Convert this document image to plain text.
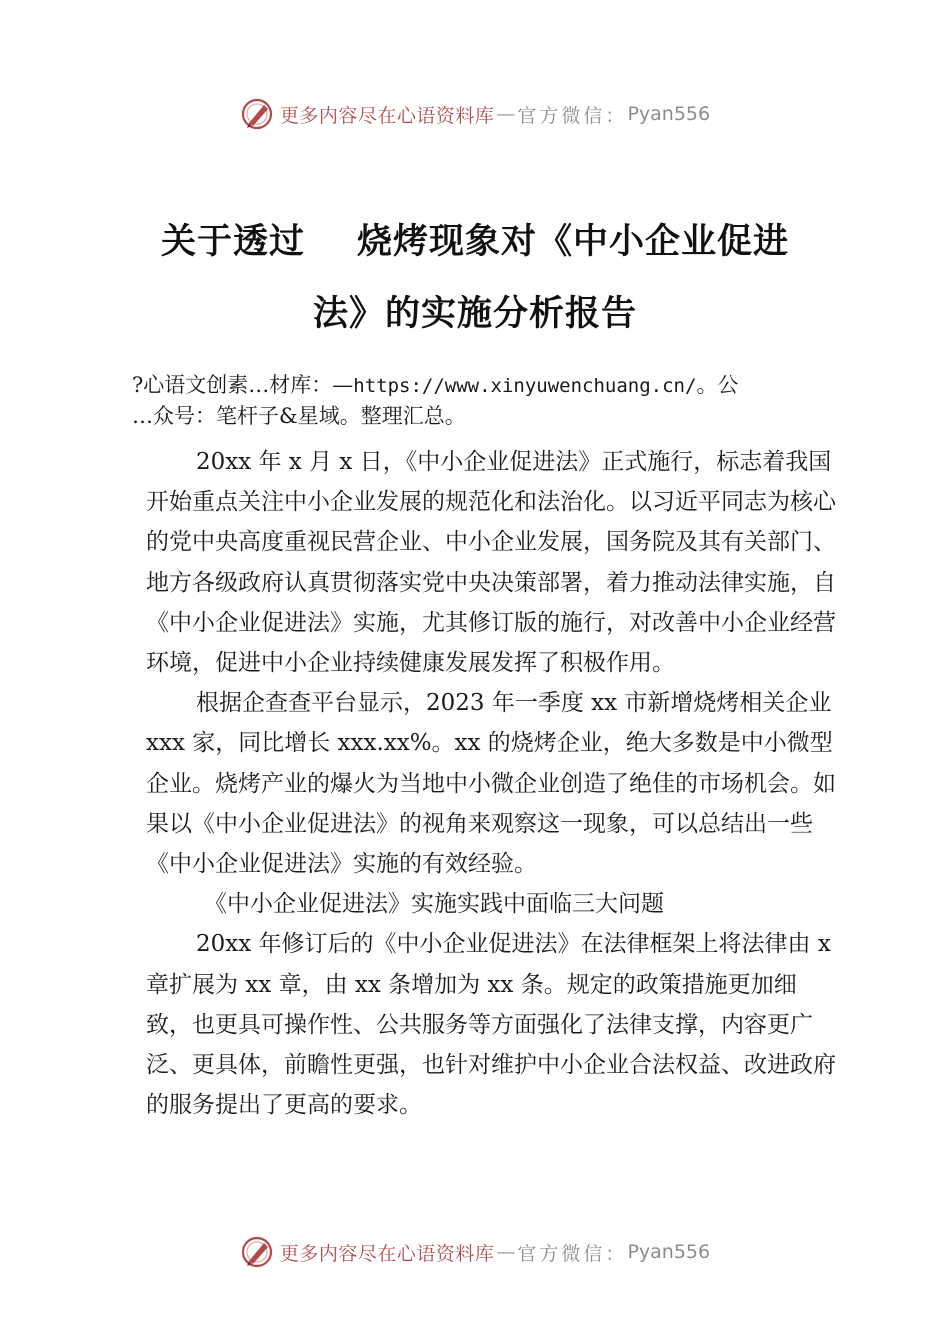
更多内容尽在心语资料库 — 官方微信： Pyan556
关于透过 烧烤现象对《中小企业促进
法》的实施分析报告
?心语文创素…材库：—https://www.xinyuwenchuang.cn/。公
…众号：笔杆子&星域。整理汇总。

20xx 年 x 月 x 日，《中小企业促进法》正式施行，标志着我国开始重点关注中小企业发展的规范化和法治化。以习近平同志为核心的党中央高度重视民营企业、中小企业发展，国务院及其有关部门、地方各级政府认真贯彻落实党中央决策部署，着力推动法律实施，自《中小企业促进法》实施，尤其修订版的施行，对改善中小企业经营环境，促进中小企业持续健康发展发挥了积极作用。

根据企查查平台显示，2023 年一季度 xx 市新增烧烤相关企业 xxx 家，同比增长 xxx.xx%。xx 的烧烤企业，绝大多数是中小微型企业。烧烤产业的爆火为当地中小微企业创造了绝佳的市场机会。如果以《中小企业促进法》的视角来观察这一现象，可以总结出一些《中小企业促进法》实施的有效经验。

《中小企业促进法》实施实践中面临三大问题

20xx 年修订后的《中小企业促进法》在法律框架上将法律由 x 章扩展为 xx 章，由 xx 条增加为 xx 条。规定的政策措施更加细致，也更具可操作性、公共服务等方面强化了法律支撑，内容更广泛、更具体，前瞻性更强，也针对维护中小企业合法权益、改进政府的服务提出了更高的要求。

更多内容尽在心语资料库 — 官方微信： Pyan556
